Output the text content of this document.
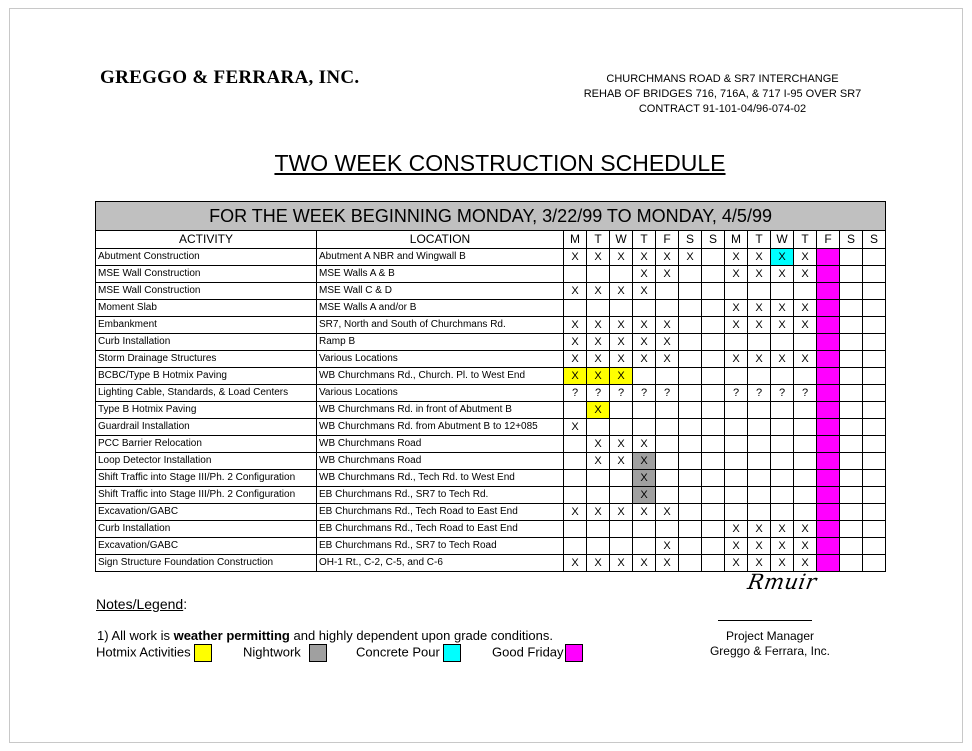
GREGGO & FERRARA, INC.	CHURCHMANS ROAD & SR7 INTERCHANGE
REHAB OF BRIDGES 716, 716A, & 717 I-95 OVER SR7
CONTRACT 91-101-04/96-074-02
TWO WEEK CONSTRUCTION SCHEDULE
FOR THE WEEK BEGINNING MONDAY, 3/22/99 TO MONDAY, 4/5/99															
ACTIVITY	LOCATION	M	T	W	T	F	S	S	M	T	W	T	F	S	S
Abutment Construction	Abutment A NBR and Wingwall B	X	X	X	X	X	X		X	X	X	X			
MSE Wall Construction	MSE Walls A & B				X	X			X	X	X	X			
MSE Wall Construction	MSE Wall C & D	X	X	X	X										
Moment Slab	MSE Walls A and/or B								X	X	X	X			
Embankment	SR7, North and South of Churchmans Rd.	X	X	X	X	X			X	X	X	X			
Curb Installation	Ramp B	X	X	X	X	X									
Storm Drainage Structures	Various Locations	X	X	X	X	X			X	X	X	X			
BCBC/Type B Hotmix Paving	WB Churchmans Rd., Church. Pl. to West End	X	X	X											
Lighting Cable, Standards, & Load Centers	Various Locations	?	?	?	?	?			?	?	?	?			
Type B Hotmix Paving	WB Churchmans Rd. in front of Abutment B		X												
Guardrail Installation	WB Churchmans Rd. from Abutment B to 12+085	X													
PCC Barrier Relocation	WB Churchmans Road		X	X	X										
Loop Detector Installation	WB Churchmans Road		X	X	X										
Shift Traffic into Stage III/Ph. 2 Configuration	WB Churchmans Rd., Tech Rd. to West End				X										
Shift Traffic into Stage III/Ph. 2 Configuration	EB Churchmans Rd., SR7 to Tech Rd.				X										
Excavation/GABC	EB Churchmans Rd., Tech Road to East End	X	X	X	X	X									
Curb Installation	EB Churchmans Rd., Tech Road to East End								X	X	X	X			
Excavation/GABC	EB Churchmans Rd., SR7 to Tech Road					X			X	X	X	X			
Sign Structure Foundation Construction	OH-1 Rt., C-2, C-5, and C-6	X	X	X	X	X			X	X	X	X			
Rmuir
Project Manager
Greggo & Ferrara, Inc.
Notes/Legend:
1) All work is weather permitting and highly dependent upon grade conditions.
Hotmix Activities	Nightwork	Concrete Pour	Good Friday
